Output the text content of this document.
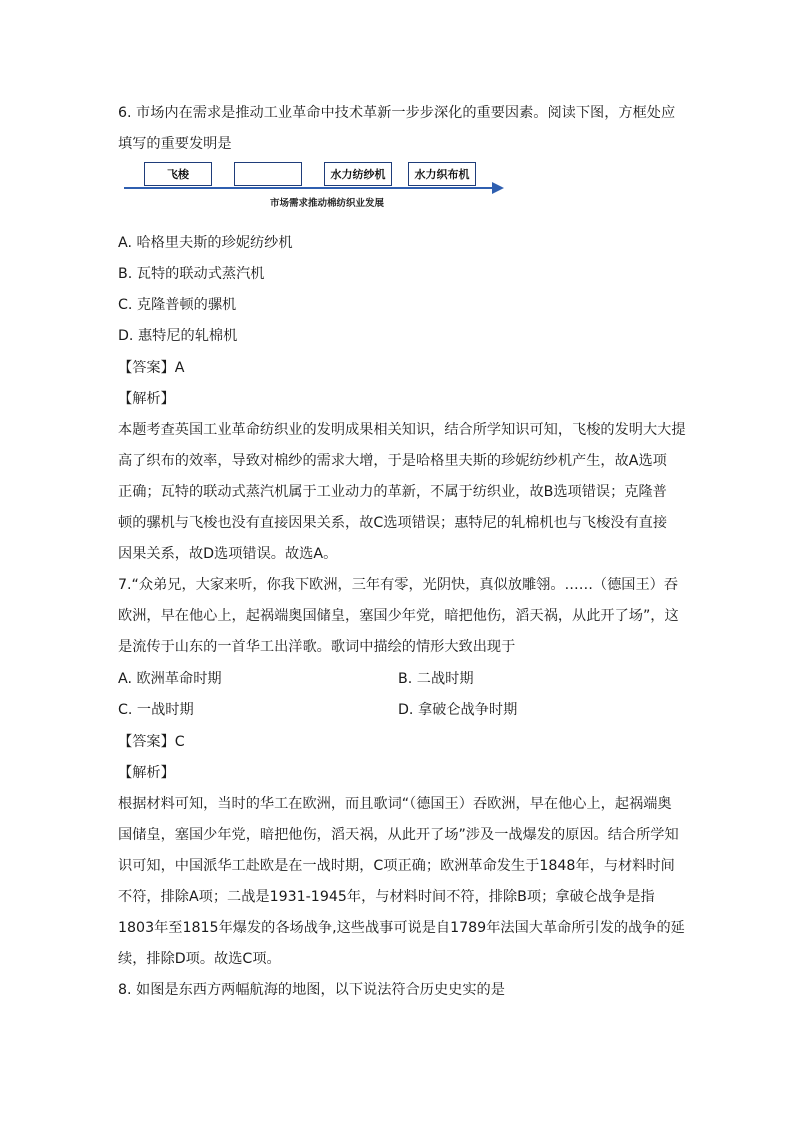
6. 市场内在需求是推动工业革命中技术革新一步步深化的重要因素。阅读下图，方框处应
填写的重要发明是
飞梭	水力纺纱机	水力织布机
市场需求推动棉纺织业发展
A. 哈格里夫斯的珍妮纺纱机
B. 瓦特的联动式蒸汽机
C. 克隆普顿的骡机
D. 惠特尼的轧棉机
【答案】A
【解析】
本题考查英国工业革命纺织业的发明成果相关知识，结合所学知识可知，飞梭的发明大大提
高了织布的效率，导致对棉纱的需求大增，于是哈格里夫斯的珍妮纺纱机产生，故A选项
正确；瓦特的联动式蒸汽机属于工业动力的革新，不属于纺织业，故B选项错误；克隆普
顿的骡机与飞梭也没有直接因果关系，故C选项错误；惠特尼的轧棉机也与飞梭没有直接
因果关系，故D选项错误。故选A。
7.“众弟兄，大家来听，你我下欧洲，三年有零，光阴快，真似放雕翎。……（德国王）吞
欧洲，早在他心上，起祸端奥国储皇，塞国少年党，暗把他伤，滔天祸，从此开了场”，这
是流传于山东的一首华工出洋歌。歌词中描绘的情形大致出现于
A. 欧洲革命时期	B. 二战时期
C. 一战时期	D. 拿破仑战争时期
【答案】C
【解析】
根据材料可知，当时的华工在欧洲，而且歌词“（德国王）吞欧洲，早在他心上，起祸端奥
国储皇，塞国少年党，暗把他伤，滔天祸，从此开了场”涉及一战爆发的原因。结合所学知
识可知，中国派华工赴欧是在一战时期，C项正确；欧洲革命发生于1848年，与材料时间
不符，排除A项；二战是1931-1945年，与材料时间不符，排除B项；拿破仑战争是指
1803年至1815年爆发的各场战争,这些战事可说是自1789年法国大革命所引发的战争的延
续，排除D项。故选C项。
8. 如图是东西方两幅航海的地图，以下说法符合历史史实的是
